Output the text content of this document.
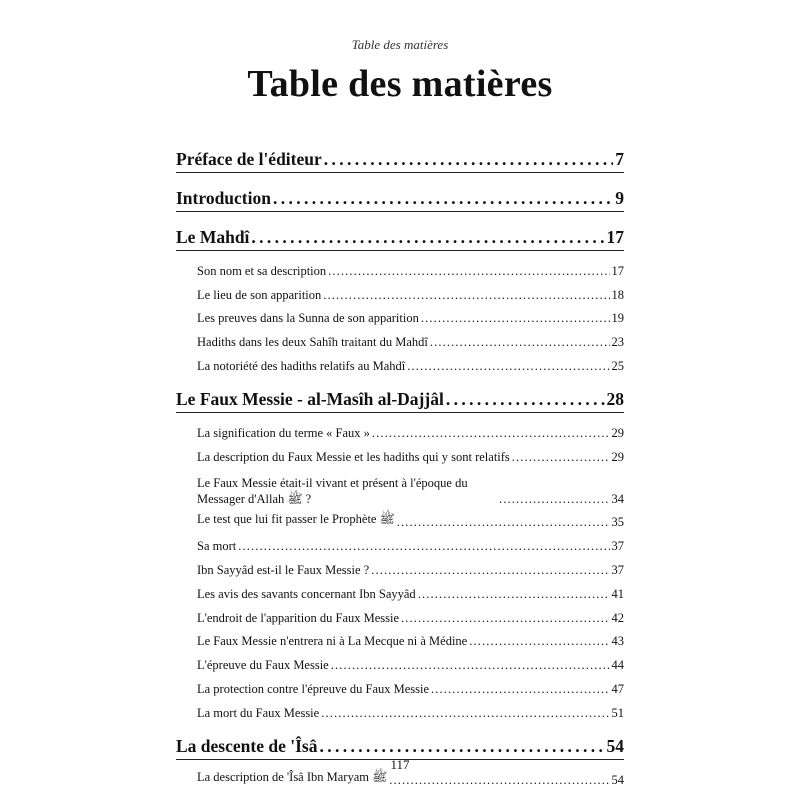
Table des matières
Table des matières
Préface de l'éditeur . . .	7
Introduction . . .	9
Le Mahdî . . .	17
Son nom et sa description . . .	17
Le lieu de son apparition . . .	18
Les preuves dans la Sunna de son apparition . . .	19
Hadiths dans les deux Sahîh traitant du Mahdî . . .	23
La notoriété des hadiths relatifs au Mahdî . . .	25
Le Faux Messie - al-Masîh al-Dajjâl . . .	28
La signification du terme « Faux » . . .	29
La description du Faux Messie et les hadiths qui y sont relatifs . . .	29
Le Faux Messie était-il vivant et présent à l'époque du Messager d'Allah ﷺ ? . . .	34
Le test que lui fit passer le Prophète ﷺ . . .	35
Sa mort . . .	37
Ibn Sayyâd est-il le Faux Messie ? . . .	37
Les avis des savants concernant Ibn Sayyâd . . .	41
L'endroit de l'apparition du Faux Messie . . .	42
Le Faux Messie n'entrera ni à La Mecque ni à Médine . . .	43
L'épreuve du Faux Messie . . .	44
La protection contre l'épreuve du Faux Messie . . .	47
La mort du Faux Messie . . .	51
La descente de 'Îsâ . . .	54
La description de 'Îsâ Ibn Maryam ﷺ . . .	54
117
